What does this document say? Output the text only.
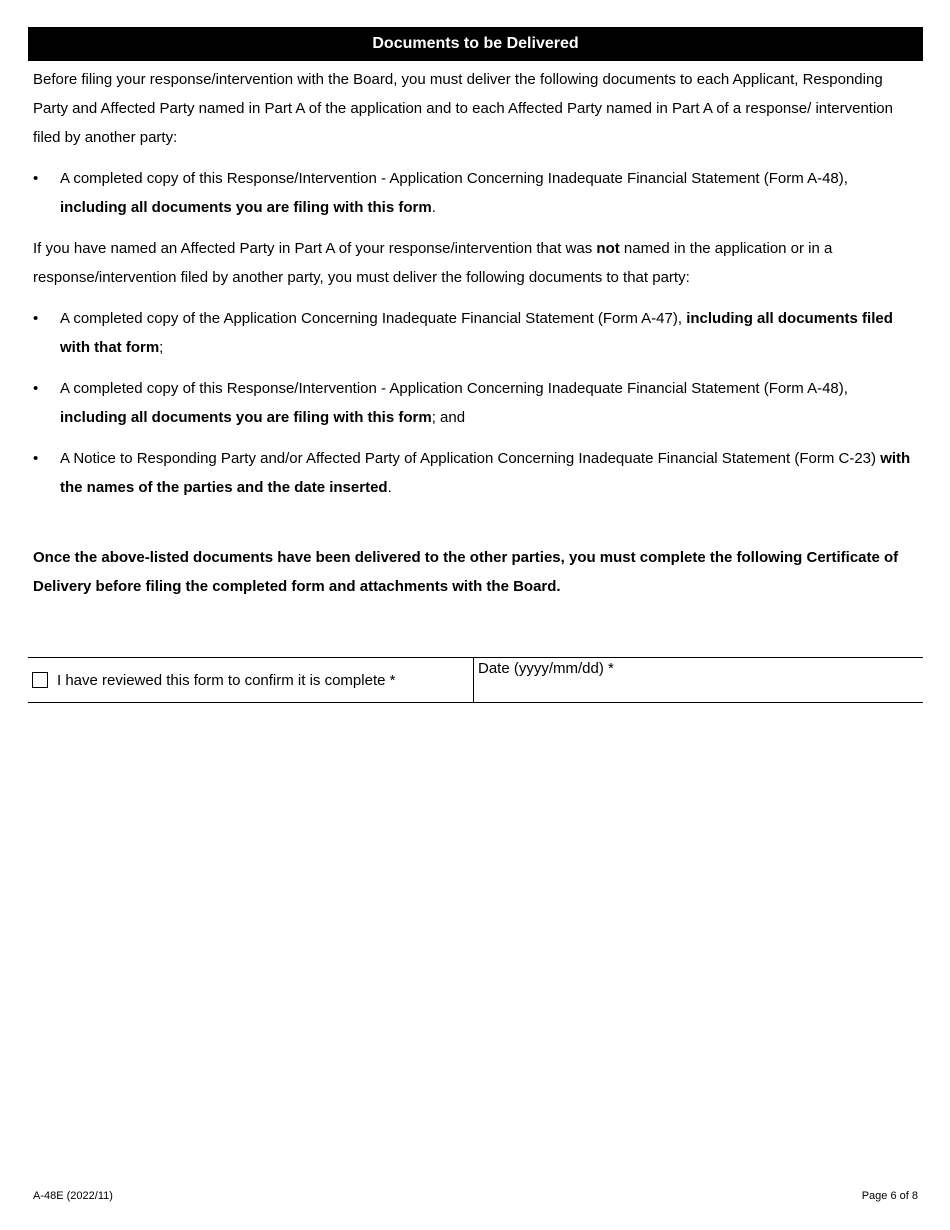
Documents to be Delivered

Before filing your response/intervention with the Board, you must deliver the following documents to each Applicant, Responding Party and Affected Party named in Part A of the application and to each Affected Party named in Part A of a response/ intervention filed by another party:

• A completed copy of this Response/Intervention - Application Concerning Inadequate Financial Statement (Form A-48), including all documents you are filing with this form.

If you have named an Affected Party in Part A of your response/intervention that was not named in the application or in a response/intervention filed by another party, you must deliver the following documents to that party:

• A completed copy of the Application Concerning Inadequate Financial Statement (Form A-47), including all documents filed with that form;
• A completed copy of this Response/Intervention - Application Concerning Inadequate Financial Statement (Form A-48), including all documents you are filing with this form; and
• A Notice to Responding Party and/or Affected Party of Application Concerning Inadequate Financial Statement (Form C-23) with the names of the parties and the date inserted.

Once the above-listed documents have been delivered to the other parties, you must complete the following Certificate of Delivery before filing the completed form and attachments with the Board.

I have reviewed this form to confirm it is complete *
Date (yyyy/mm/dd) *
A-48E (2022/11)	Page 6 of 8
